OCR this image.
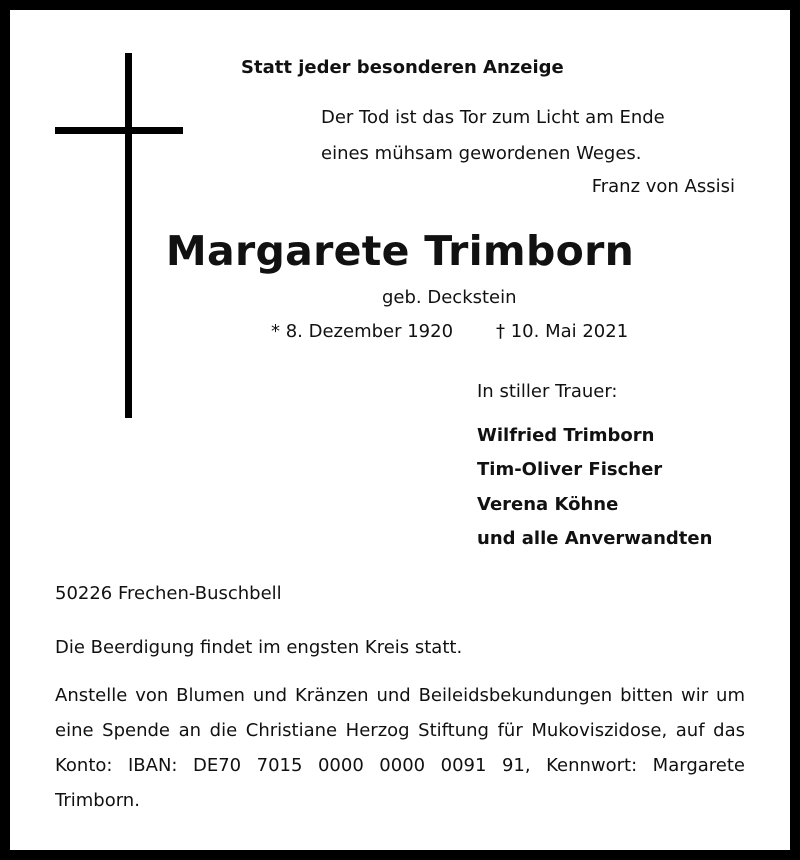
Statt jeder besonderen Anzeige
Der Tod ist das Tor zum Licht am Ende
eines mühsam gewordenen Weges.
Franz von Assisi
Margarete Trimborn
geb. Deckstein
* 8. Dezember 1920 † 10. Mai 2021
In stiller Trauer:
Wilfried Trimborn
Tim-Oliver Fischer
Verena Köhne
und alle Anverwandten
50226 Frechen-Buschbell
Die Beerdigung findet im engsten Kreis statt.
Anstelle von Blumen und Kränzen und Beileidsbekundungen bitten wir um eine Spende an die Christiane Herzog Stiftung für Mukoviszidose, auf das Konto: IBAN: DE70 7015 0000 0000 0091 91, Kennwort: Margarete Trimborn.
